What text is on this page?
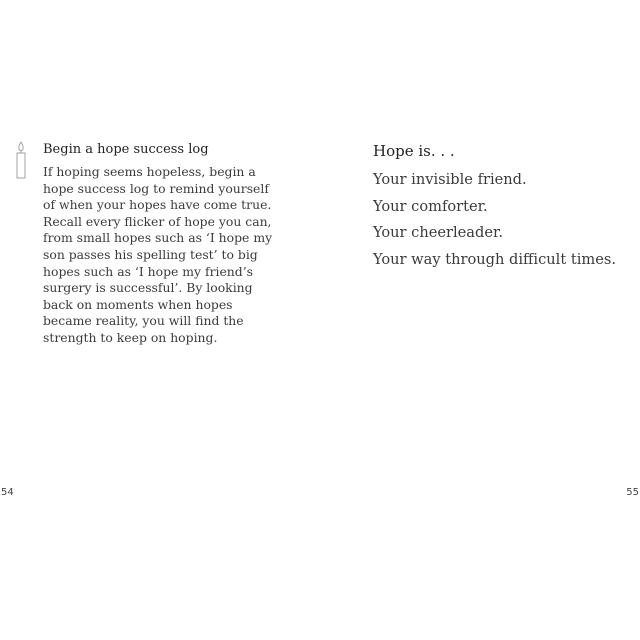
Begin a hope success log
If hoping seems hopeless, begin a
hope success log to remind yourself
of when your hopes have come true.
Recall every flicker of hope you can,
from small hopes such as ‘I hope my
son passes his spelling test’ to big
hopes such as ‘I hope my friend’s
surgery is successful’. By looking
back on moments when hopes
became reality, you will find the
strength to keep on hoping.
54
Hope is. . .
Your invisible friend.
Your comforter.
Your cheerleader.
Your way through difficult times.
55
